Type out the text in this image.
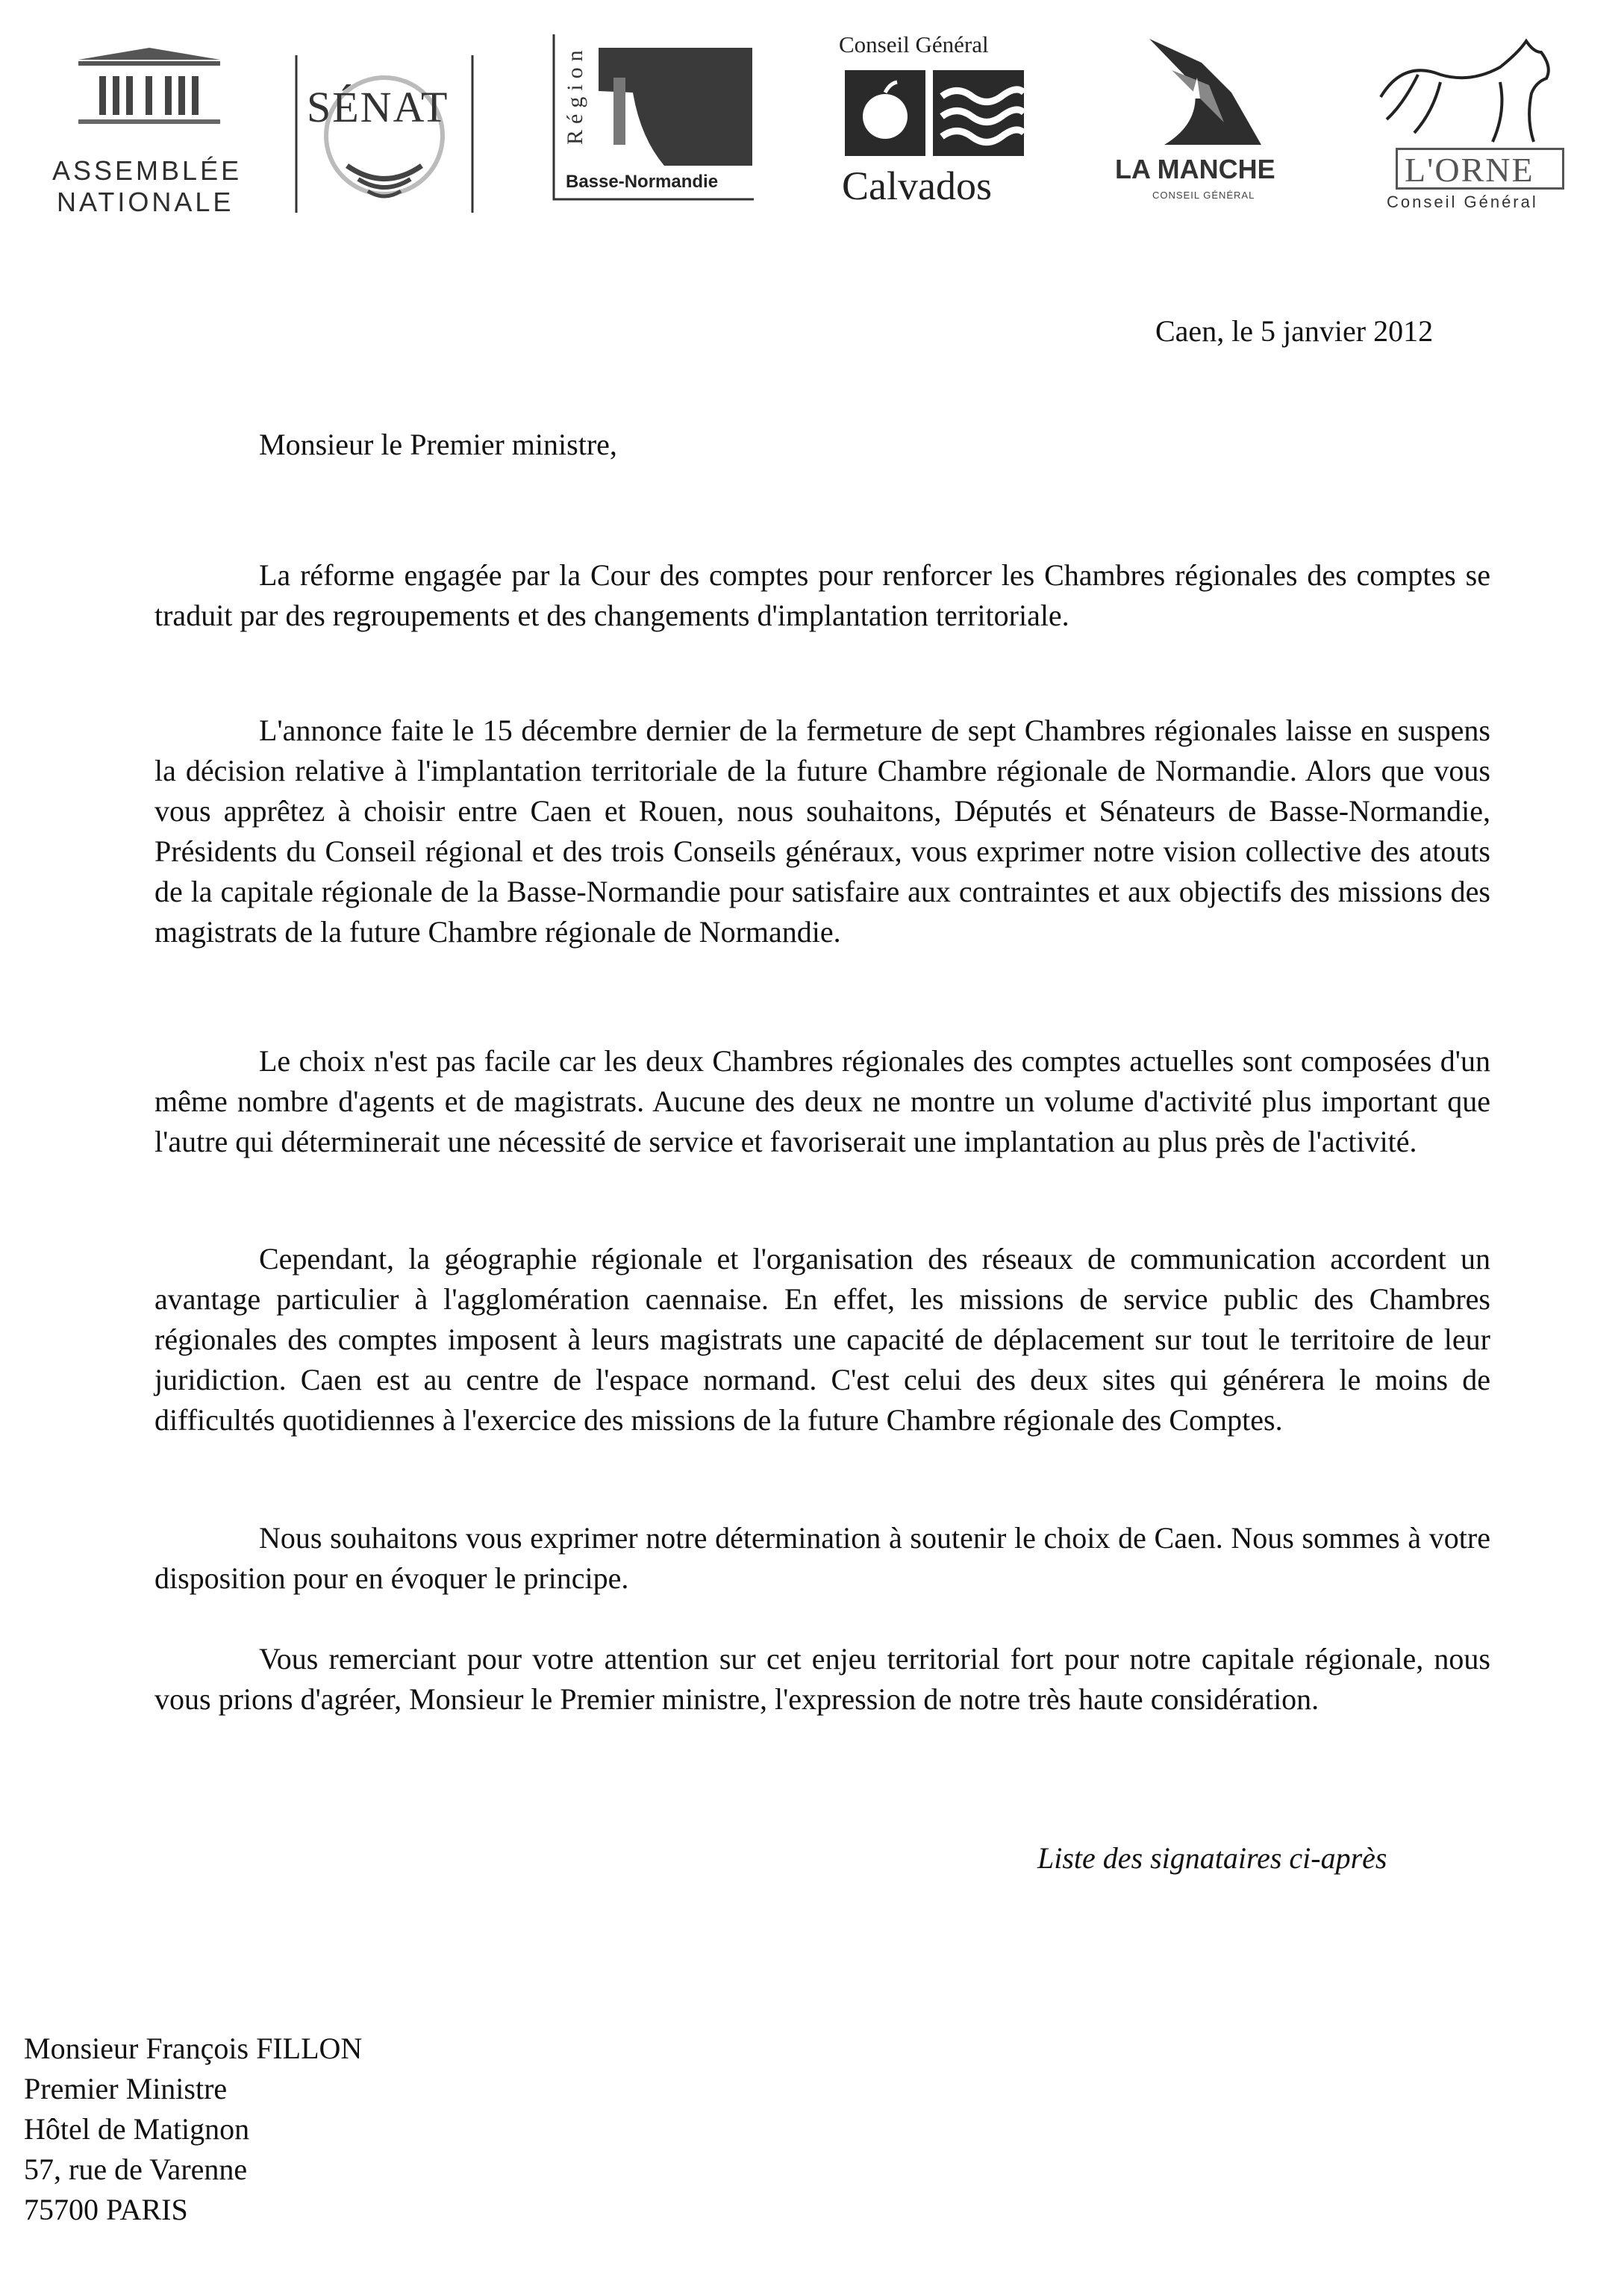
ASSEMBLÉE
NATIONALE
SÉNAT	Région
Basse-Normandie
Conseil Général
Calvados	LA MANCHE
CONSEIL GÉNÉRAL
L'ORNE
Conseil Général
Caen, le 5 janvier 2012
Monsieur le Premier ministre,
La réforme engagée par la Cour des comptes pour renforcer les Chambres régionales des comptes se traduit par des regroupements et des changements d'implantation territoriale.
L'annonce faite le 15 décembre dernier de la fermeture de sept Chambres régionales laisse en suspens la décision relative à l'implantation territoriale de la future Chambre régionale de Normandie. Alors que vous vous apprêtez à choisir entre Caen et Rouen, nous souhaitons, Députés et Sénateurs de Basse-Normandie, Présidents du Conseil régional et des trois Conseils généraux, vous exprimer notre vision collective des atouts de la capitale régionale de la Basse-Normandie pour satisfaire aux contraintes et aux objectifs des missions des magistrats de la future Chambre régionale de Normandie.
Le choix n'est pas facile car les deux Chambres régionales des comptes actuelles sont composées d'un même nombre d'agents et de magistrats. Aucune des deux ne montre un volume d'activité plus important que l'autre qui déterminerait une nécessité de service et favoriserait une implantation au plus près de l'activité.
Cependant, la géographie régionale et l'organisation des réseaux de communication accordent un avantage particulier à l'agglomération caennaise. En effet, les missions de service public des Chambres régionales des comptes imposent à leurs magistrats une capacité de déplacement sur tout le territoire de leur juridiction. Caen est au centre de l'espace normand. C'est celui des deux sites qui générera le moins de difficultés quotidiennes à l'exercice des missions de la future Chambre régionale des Comptes.
Nous souhaitons vous exprimer notre détermination à soutenir le choix de Caen. Nous sommes à votre disposition pour en évoquer le principe.
Vous remerciant pour votre attention sur cet enjeu territorial fort pour notre capitale régionale, nous vous prions d'agréer, Monsieur le Premier ministre, l'expression de notre très haute considération.
Liste des signataires ci-après
Monsieur François FILLON
Premier Ministre
Hôtel de Matignon
57, rue de Varenne
75700 PARIS
